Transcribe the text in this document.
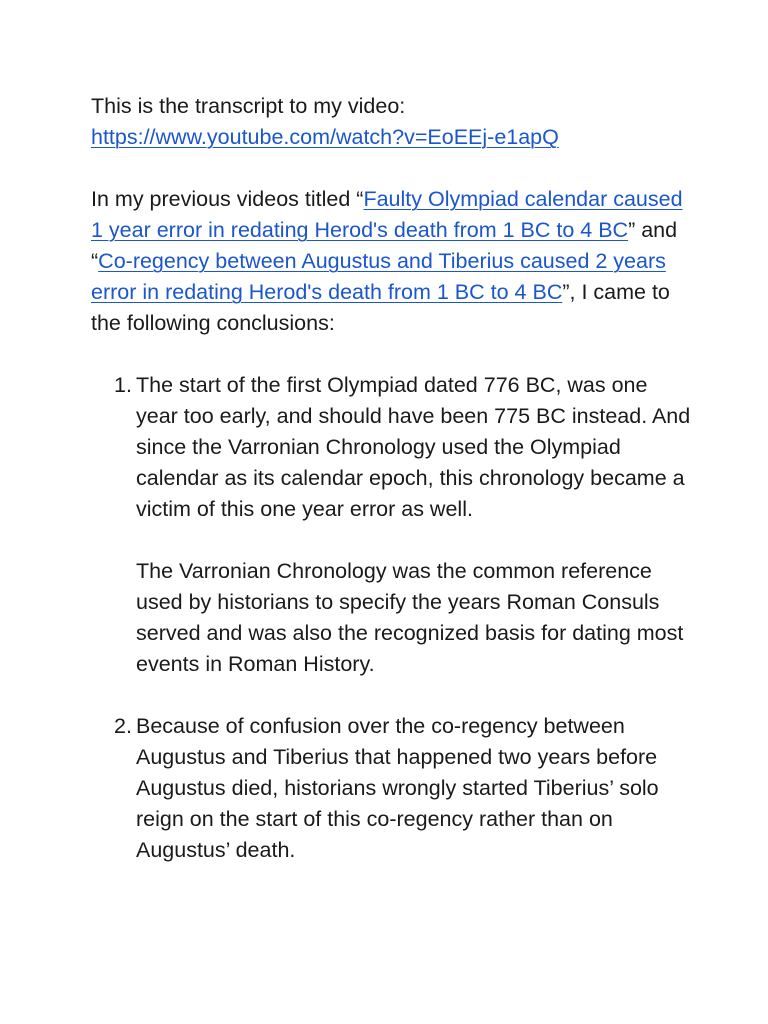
This is the transcript to my video:
https://www.youtube.com/watch?v=EoEEj-e1apQ

In my previous videos titled “Faulty Olympiad calendar caused 1 year error in redating Herod's death from 1 BC to 4 BC” and “Co-regency between Augustus and Tiberius caused 2 years error in redating Herod's death from 1 BC to 4 BC”, I came to the following conclusions:

1. The start of the first Olympiad dated 776 BC, was one year too early, and should have been 775 BC instead. And since the Varronian Chronology used the Olympiad calendar as its calendar epoch, this chronology became a victim of this one year error as well.

The Varronian Chronology was the common reference used by historians to specify the years Roman Consuls served and was also the recognized basis for dating most events in Roman History.

2. Because of confusion over the co-regency between Augustus and Tiberius that happened two years before Augustus died, historians wrongly started Tiberius’ solo reign on the start of this co-regency rather than on Augustus’ death.
